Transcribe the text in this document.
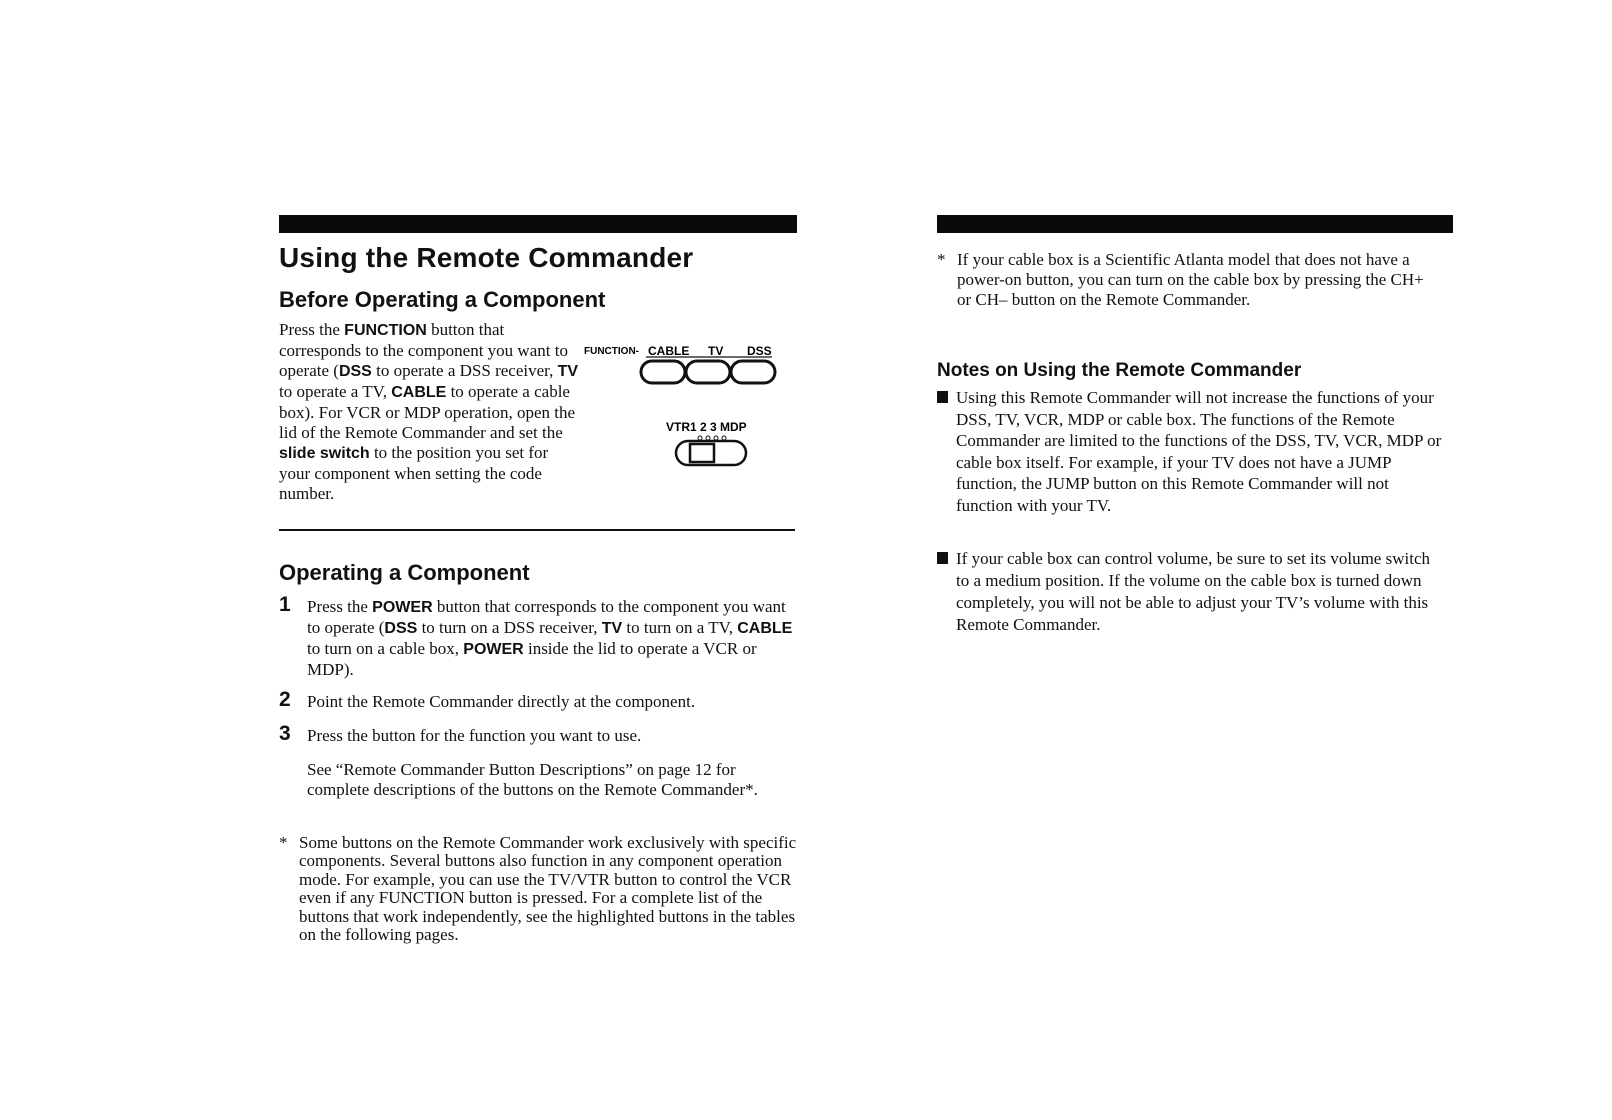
Using the Remote Commander
Before Operating a Component

Press the FUNCTION button that corresponds to the component you want to operate (DSS to operate a DSS receiver, TV to operate a TV, CABLE to operate a cable box). For VCR or MDP operation, open the lid of the Remote Commander and set the slide switch to the position you set for your component when setting the code number.

FUNCTION- CABLE TV DSS
VTR1 2 3 MDP
Operating a Component
1 Press the POWER button that corresponds to the component you want to operate (DSS to turn on a DSS receiver, TV to turn on a TV, CABLE to turn on a cable box, POWER inside the lid to operate a VCR or MDP).
2 Point the Remote Commander directly at the component.
3 Press the button for the function you want to use.
See “Remote Commander Button Descriptions” on page 12 for complete descriptions of the buttons on the Remote Commander*.
* Some buttons on the Remote Commander work exclusively with specific components. Several buttons also function in any component operation mode. For example, you can use the TV/VTR button to control the VCR even if any FUNCTION button is pressed. For a complete list of the buttons that work independently, see the highlighted buttons in the tables on the following pages.
* If your cable box is a Scientific Atlanta model that does not have a power-on button, you can turn on the cable box by pressing the CH+ or CH– button on the Remote Commander.
Notes on Using the Remote Commander
Using this Remote Commander will not increase the functions of your DSS, TV, VCR, MDP or cable box. The functions of the Remote Commander are limited to the functions of the DSS, TV, VCR, MDP or cable box itself. For example, if your TV does not have a JUMP function, the JUMP button on this Remote Commander will not function with your TV.
If your cable box can control volume, be sure to set its volume switch to a medium position. If the volume on the cable box is turned down completely, you will not be able to adjust your TV’s volume with this Remote Commander.
